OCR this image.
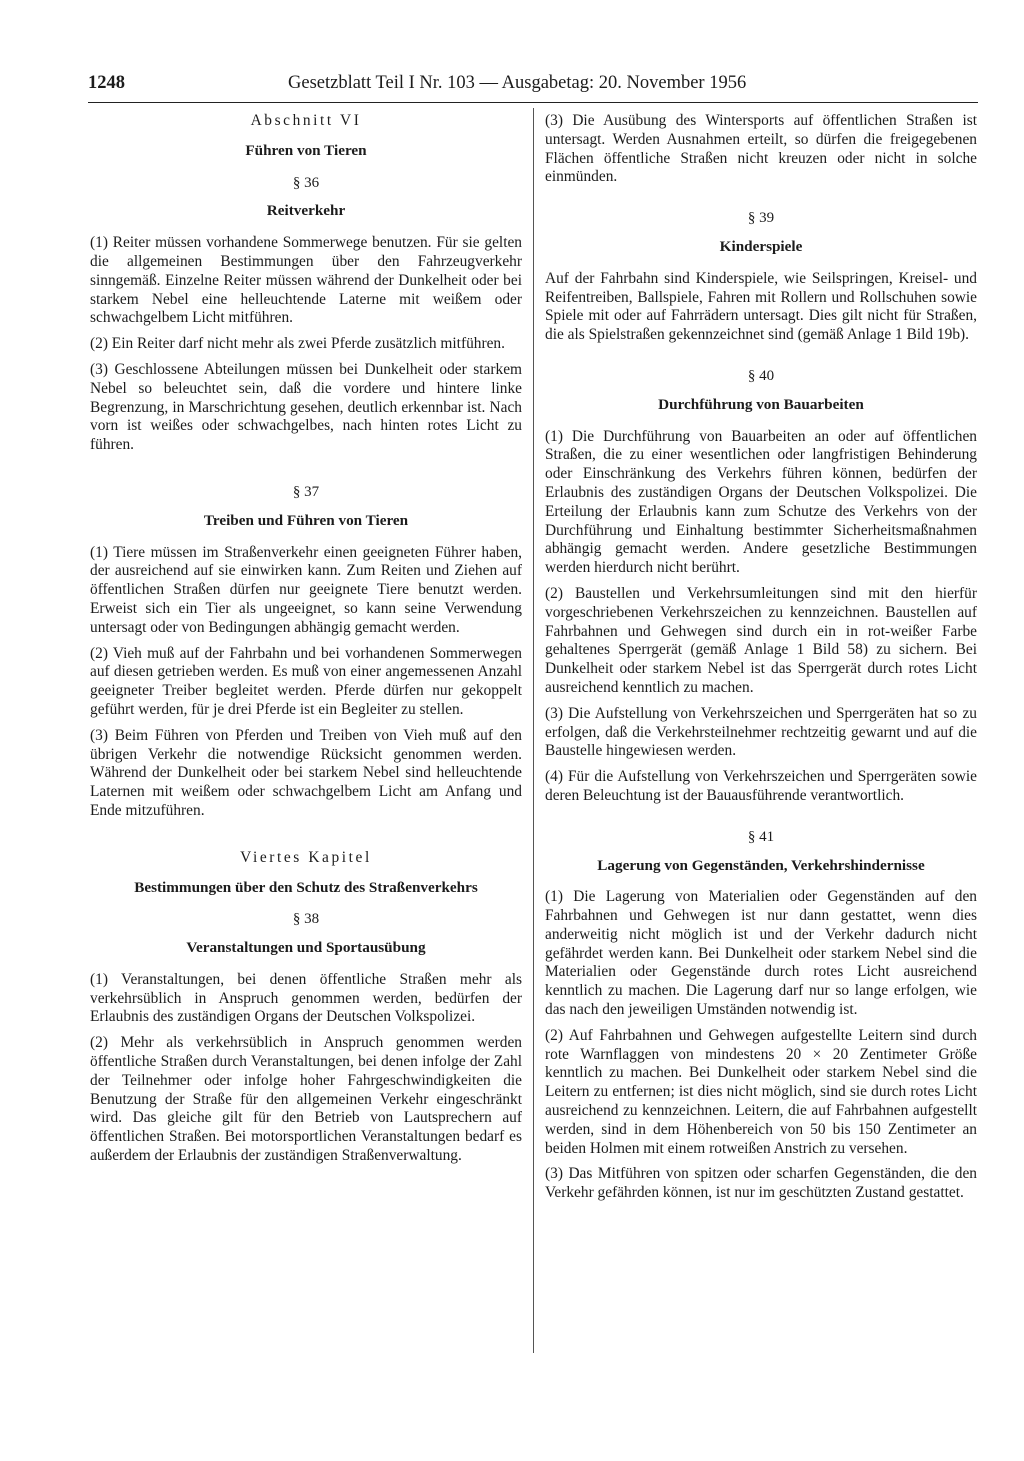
1248	Gesetzblatt Teil I Nr. 103 — Ausgabetag: 20. November 1956
Abschnitt VI
Führen von Tieren
§ 36
Reitverkehr

(1) Reiter müssen vorhandene Sommerwege benutzen. Für sie gelten die allgemeinen Bestimmungen über den Fahrzeugverkehr sinngemäß. Einzelne Reiter müssen während der Dunkelheit oder bei starkem Nebel eine helleuchtende Laterne mit weißem oder schwachgelbem Licht mitführen.

(2) Ein Reiter darf nicht mehr als zwei Pferde zusätzlich mitführen.

(3) Geschlossene Abteilungen müssen bei Dunkelheit oder starkem Nebel so beleuchtet sein, daß die vordere und hintere linke Begrenzung, in Marschrichtung gesehen, deutlich erkennbar ist. Nach vorn ist weißes oder schwachgelbes, nach hinten rotes Licht zu führen.

§ 37
Treiben und Führen von Tieren

(1) Tiere müssen im Straßenverkehr einen geeigneten Führer haben, der ausreichend auf sie einwirken kann. Zum Reiten und Ziehen auf öffentlichen Straßen dürfen nur geeignete Tiere benutzt werden. Erweist sich ein Tier als ungeeignet, so kann seine Verwendung untersagt oder von Bedingungen abhängig gemacht werden.

(2) Vieh muß auf der Fahrbahn und bei vorhandenen Sommerwegen auf diesen getrieben werden. Es muß von einer angemessenen Anzahl geeigneter Treiber begleitet werden. Pferde dürfen nur gekoppelt geführt werden, für je drei Pferde ist ein Begleiter zu stellen.

(3) Beim Führen von Pferden und Treiben von Vieh muß auf den übrigen Verkehr die notwendige Rücksicht genommen werden. Während der Dunkelheit oder bei starkem Nebel sind helleuchtende Laternen mit weißem oder schwachgelbem Licht am Anfang und Ende mitzuführen.

Viertes Kapitel
Bestimmungen über den Schutz des Straßenverkehrs
§ 38
Veranstaltungen und Sportausübung

(1) Veranstaltungen, bei denen öffentliche Straßen mehr als verkehrsüblich in Anspruch genommen werden, bedürfen der Erlaubnis des zuständigen Organs der Deutschen Volkspolizei.

(2) Mehr als verkehrsüblich in Anspruch genommen werden öffentliche Straßen durch Veranstaltungen, bei denen infolge der Zahl der Teilnehmer oder infolge hoher Fahrgeschwindigkeiten die Benutzung der Straße für den allgemeinen Verkehr eingeschränkt wird. Das gleiche gilt für den Betrieb von Lautsprechern auf öffentlichen Straßen. Bei motorsportlichen Veranstaltungen bedarf es außerdem der Erlaubnis der zuständigen Straßenverwaltung.

(3) Die Ausübung des Wintersports auf öffentlichen Straßen ist untersagt. Werden Ausnahmen erteilt, so dürfen die freigegebenen Flächen öffentliche Straßen nicht kreuzen oder nicht in solche einmünden.

§ 39
Kinderspiele

Auf der Fahrbahn sind Kinderspiele, wie Seilspringen, Kreisel- und Reifentreiben, Ballspiele, Fahren mit Rollern und Rollschuhen sowie Spiele mit oder auf Fahrrädern untersagt. Dies gilt nicht für Straßen, die als Spielstraßen gekennzeichnet sind (gemäß Anlage 1 Bild 19b).

§ 40
Durchführung von Bauarbeiten

(1) Die Durchführung von Bauarbeiten an oder auf öffentlichen Straßen, die zu einer wesentlichen oder langfristigen Behinderung oder Einschränkung des Verkehrs führen können, bedürfen der Erlaubnis des zuständigen Organs der Deutschen Volkspolizei. Die Erteilung der Erlaubnis kann zum Schutze des Verkehrs von der Durchführung und Einhaltung bestimmter Sicherheitsmaßnahmen abhängig gemacht werden. Andere gesetzliche Bestimmungen werden hierdurch nicht berührt.

(2) Baustellen und Verkehrsumleitungen sind mit den hierfür vorgeschriebenen Verkehrszeichen zu kennzeichnen. Baustellen auf Fahrbahnen und Gehwegen sind durch ein in rot-weißer Farbe gehaltenes Sperrgerät (gemäß Anlage 1 Bild 58) zu sichern. Bei Dunkelheit oder starkem Nebel ist das Sperrgerät durch rotes Licht ausreichend kenntlich zu machen.

(3) Die Aufstellung von Verkehrszeichen und Sperrgeräten hat so zu erfolgen, daß die Verkehrsteilnehmer rechtzeitig gewarnt und auf die Baustelle hingewiesen werden.

(4) Für die Aufstellung von Verkehrszeichen und Sperrgeräten sowie deren Beleuchtung ist der Bauausführende verantwortlich.

§ 41
Lagerung von Gegenständen, Verkehrshindernisse

(1) Die Lagerung von Materialien oder Gegenständen auf den Fahrbahnen und Gehwegen ist nur dann gestattet, wenn dies anderweitig nicht möglich ist und der Verkehr dadurch nicht gefährdet werden kann. Bei Dunkelheit oder starkem Nebel sind die Materialien oder Gegenstände durch rotes Licht ausreichend kenntlich zu machen. Die Lagerung darf nur so lange erfolgen, wie das nach den jeweiligen Umständen notwendig ist.

(2) Auf Fahrbahnen und Gehwegen aufgestellte Leitern sind durch rote Warnflaggen von mindestens 20 × 20 Zentimeter Größe kenntlich zu machen. Bei Dunkelheit oder starkem Nebel sind die Leitern zu entfernen; ist dies nicht möglich, sind sie durch rotes Licht ausreichend zu kennzeichnen. Leitern, die auf Fahrbahnen aufgestellt werden, sind in dem Höhenbereich von 50 bis 150 Zentimeter an beiden Holmen mit einem rotweißen Anstrich zu versehen.

(3) Das Mitführen von spitzen oder scharfen Gegenständen, die den Verkehr gefährden können, ist nur im geschützten Zustand gestattet.
